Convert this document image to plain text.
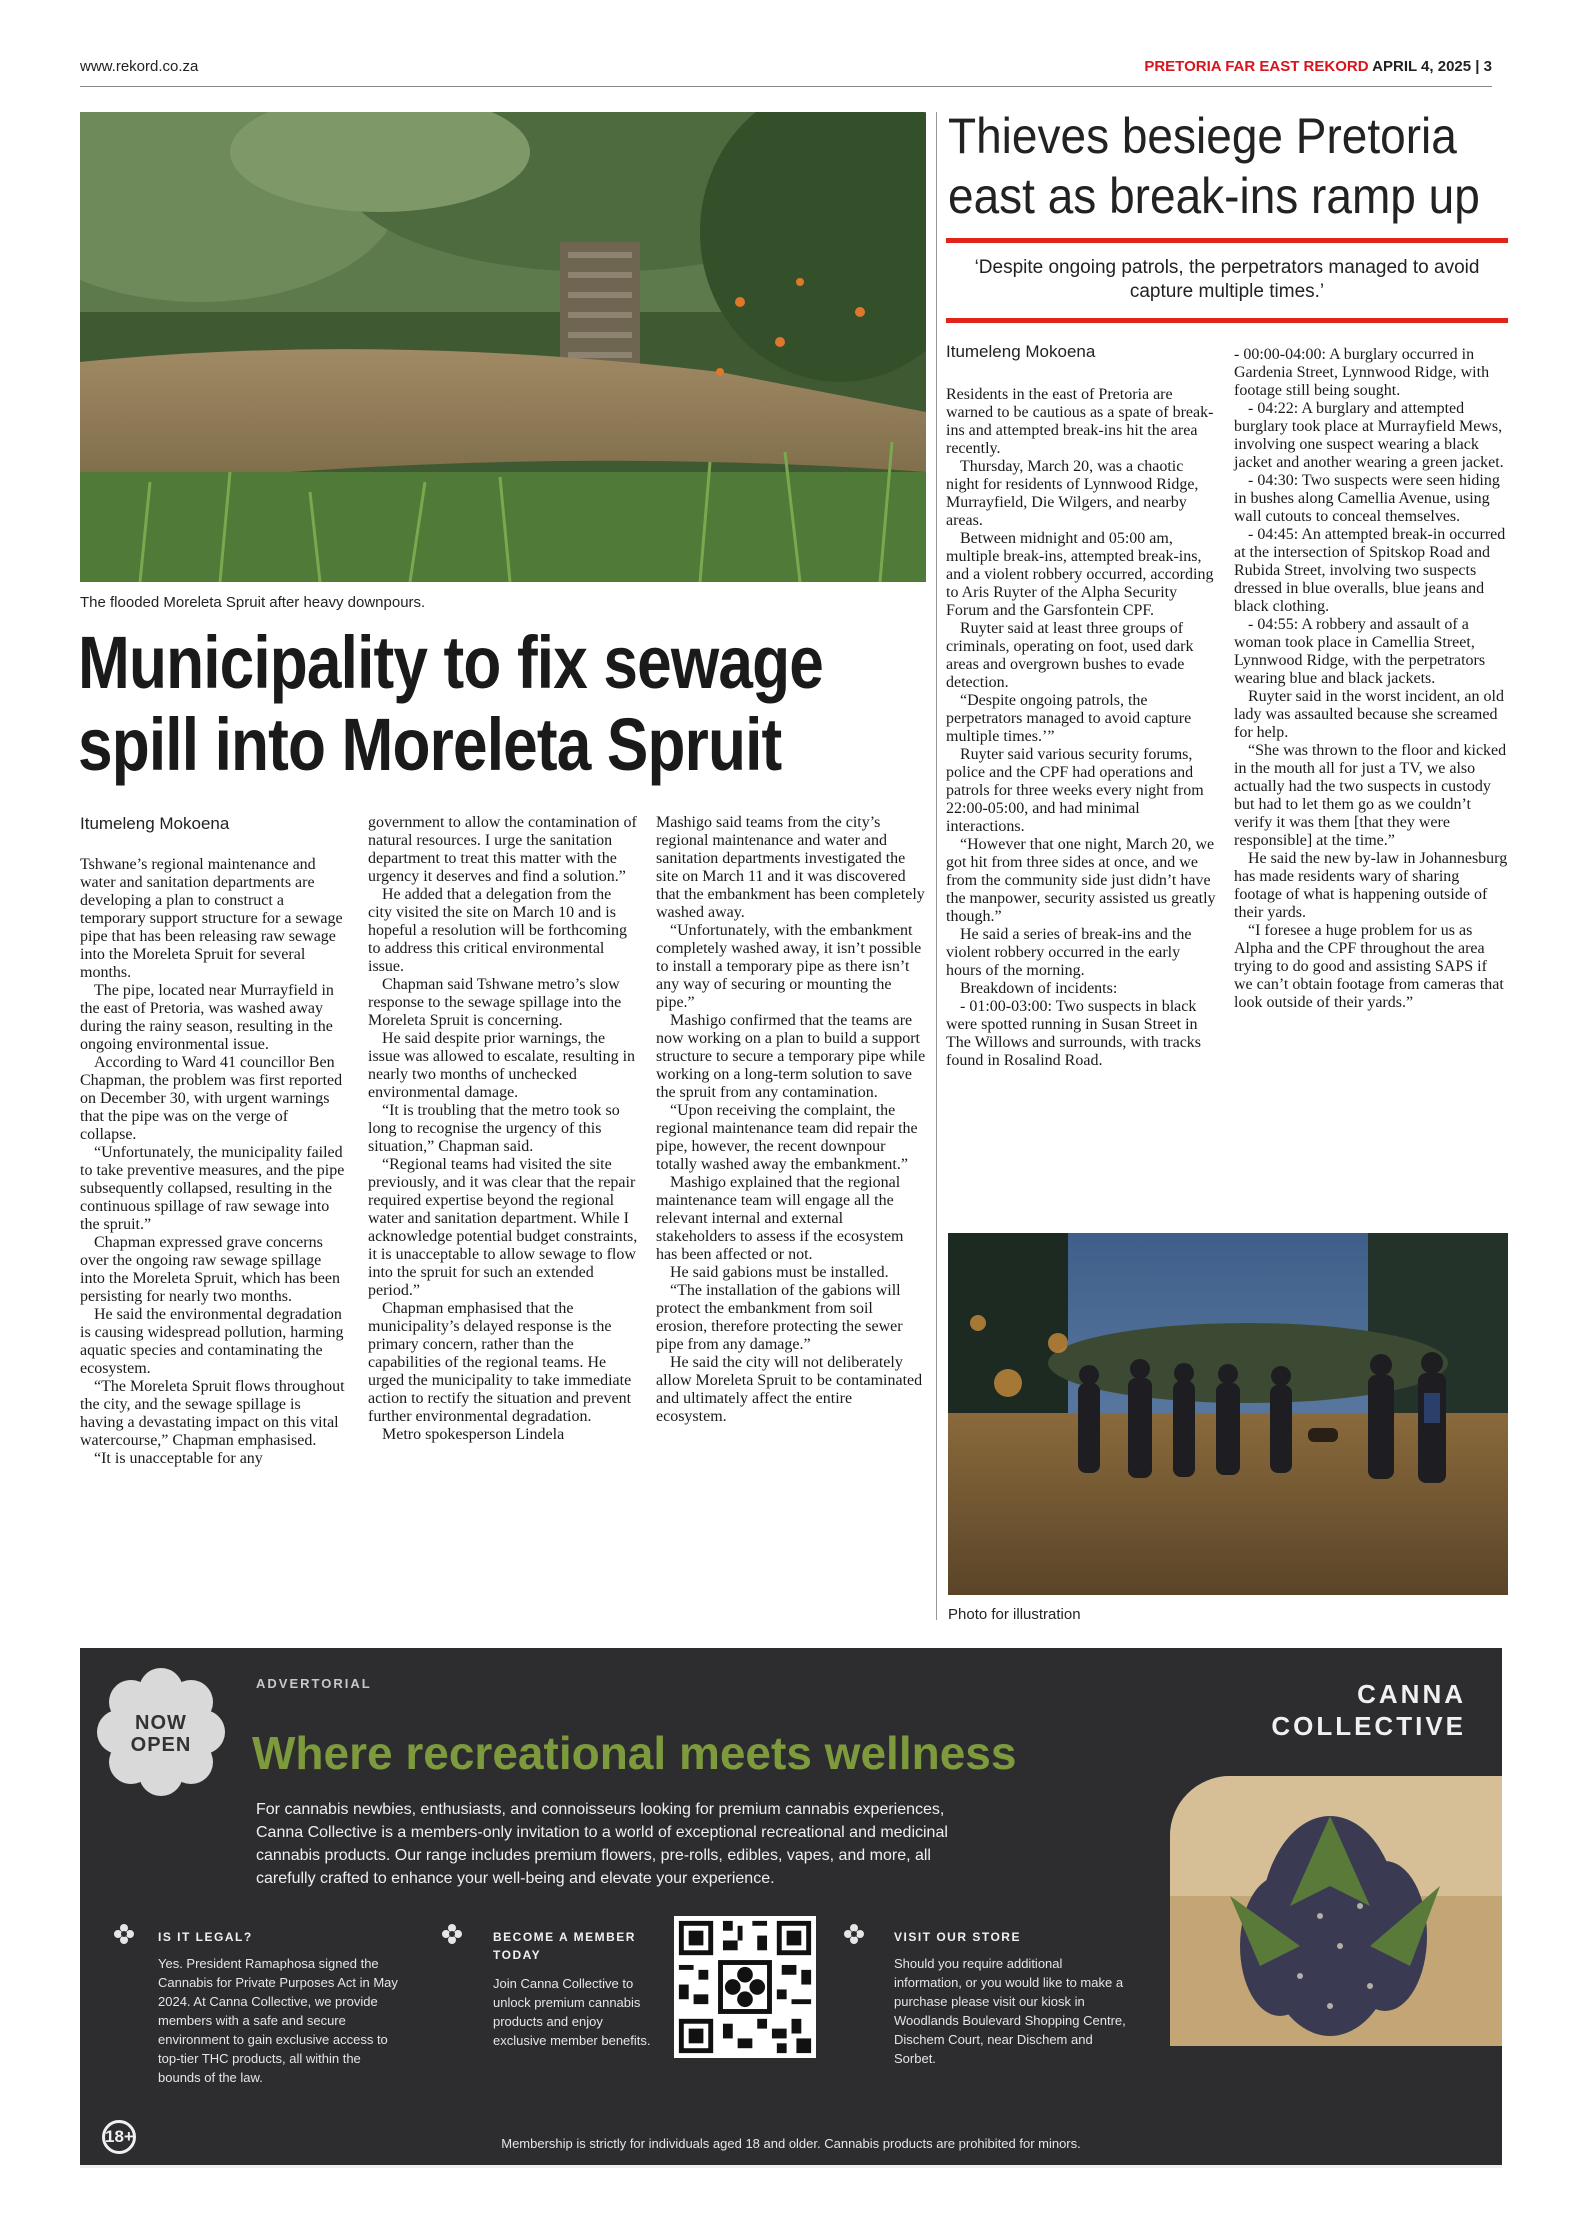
www.rekord.co.za	PRETORIA FAR EAST REKORD APRIL 4, 2025 | 3
The flooded Moreleta Spruit after heavy downpours.
Municipality to fix sewage
spill into Moreleta Spruit
Itumeleng Mokoena

Tshwane’s regional maintenance and water and sanitation departments are developing a plan to construct a temporary support structure for a sewage pipe that has been releasing raw sewage into the Moreleta Spruit for several months.

The pipe, located near Murrayfield in the east of Pretoria, was washed away during the rainy season, resulting in the ongoing environmental issue.

According to Ward 41 councillor Ben Chapman, the problem was first reported on December 30, with urgent warnings that the pipe was on the verge of collapse.

“Unfortunately, the municipality failed to take preventive measures, and the pipe subsequently collapsed, resulting in the continuous spillage of raw sewage into the spruit.”

Chapman expressed grave concerns over the ongoing raw sewage spillage into the Moreleta Spruit, which has been persisting for nearly two months.

He said the environmental degradation is causing widespread pollution, harming aquatic species and contaminating the ecosystem.

“The Moreleta Spruit flows throughout the city, and the sewage spillage is having a devastating impact on this vital watercourse,” Chapman emphasised.

“It is unacceptable for any

government to allow the contamination of natural resources. I urge the sanitation department to treat this matter with the urgency it deserves and find a solution.”

He added that a delegation from the city visited the site on March 10 and is hopeful a resolution will be forthcoming to address this critical environmental issue.

Chapman said Tshwane metro’s slow response to the sewage spillage into the Moreleta Spruit is concerning.

He said despite prior warnings, the issue was allowed to escalate, resulting in nearly two months of unchecked environmental damage.

“It is troubling that the metro took so long to recognise the urgency of this situation,” Chapman said.

“Regional teams had visited the site previously, and it was clear that the repair required expertise beyond the regional water and sanitation department. While I acknowledge potential budget constraints, it is unacceptable to allow sewage to flow into the spruit for such an extended period.”

Chapman emphasised that the municipality’s delayed response is the primary concern, rather than the capabilities of the regional teams. He urged the municipality to take immediate action to rectify the situation and prevent further environmental degradation.

Metro spokesperson Lindela

Mashigo said teams from the city’s regional maintenance and water and sanitation departments investigated the site on March 11 and it was discovered that the embankment has been completely washed away.

“Unfortunately, with the embankment completely washed away, it isn’t possible to install a temporary pipe as there isn’t any way of securing or mounting the pipe.”

Mashigo confirmed that the teams are now working on a plan to build a support structure to secure a temporary pipe while working on a long-term solution to save the spruit from any contamination.

“Upon receiving the complaint, the regional maintenance team did repair the pipe, however, the recent downpour totally washed away the embankment.”

Mashigo explained that the regional maintenance team will engage all the relevant internal and external stakeholders to assess if the ecosystem has been affected or not.

He said gabions must be installed.

“The installation of the gabions will protect the embankment from soil erosion, therefore protecting the sewer pipe from any damage.”

He said the city will not deliberately allow Moreleta Spruit to be contaminated and ultimately affect the entire ecosystem.

Thieves besiege Pretoria
east as break-ins ramp up
‘Despite ongoing patrols, the perpetrators managed to avoid capture multiple times.’
Itumeleng Mokoena

Residents in the east of Pretoria are warned to be cautious as a spate of break-ins and attempted break-ins hit the area recently.

Thursday, March 20, was a chaotic night for residents of Lynnwood Ridge, Murrayfield, Die Wilgers, and nearby areas.

Between midnight and 05:00 am, multiple break-ins, attempted break-ins, and a violent robbery occurred, according to Aris Ruyter of the Alpha Security Forum and the Garsfontein CPF.

Ruyter said at least three groups of criminals, operating on foot, used dark areas and overgrown bushes to evade detection.

“Despite ongoing patrols, the perpetrators managed to avoid capture multiple times.’”

Ruyter said various security forums, police and the CPF had operations and patrols for three weeks every night from 22:00-05:00, and had minimal interactions.

“However that one night, March 20, we got hit from three sides at once, and we from the community side just didn’t have the manpower, security assisted us greatly though.”

He said a series of break-ins and the violent robbery occurred in the early hours of the morning.

Breakdown of incidents:

- 01:00-03:00: Two suspects in black were spotted running in Susan Street in The Willows and surrounds, with tracks found in Rosalind Road.

- 00:00-04:00: A burglary occurred in Gardenia Street, Lynnwood Ridge, with footage still being sought.

- 04:22: A burglary and attempted burglary took place at Murrayfield Mews, involving one suspect wearing a black jacket and another wearing a green jacket.

- 04:30: Two suspects were seen hiding in bushes along Camellia Avenue, using wall cutouts to conceal themselves.

- 04:45: An attempted break-in occurred at the intersection of Spitskop Road and Rubida Street, involving two suspects dressed in blue overalls, blue jeans and black clothing.

- 04:55: A robbery and assault of a woman took place in Camellia Street, Lynnwood Ridge, with the perpetrators wearing blue and black jackets.

Ruyter said in the worst incident, an old lady was assaulted because she screamed for help.

“She was thrown to the floor and kicked in the mouth all for just a TV, we also actually had the two suspects in custody but had to let them go as we couldn’t verify it was them [that they were responsible] at the time.”

He said the new by-law in Johannesburg has made residents wary of sharing footage of what is happening outside of their yards.

“I foresee a huge problem for us as Alpha and the CPF throughout the area trying to do good and assisting SAPS if we can’t obtain footage from cameras that look outside of their yards.”

Photo for illustration
NOW
OPEN
ADVERTORIAL
Where recreational meets wellness
For cannabis newbies, enthusiasts, and connoisseurs looking for premium cannabis experiences, Canna Collective is a members-only invitation to a world of exceptional recreational and medicinal cannabis products. Our range includes premium flowers, pre-rolls, edibles, vapes, and more, all carefully crafted to enhance your well-being and elevate your experience.
CANNA
COLLECTIVE
IS IT LEGAL?
Yes. President Ramaphosa signed the Cannabis for Private Purposes Act in May 2024. At Canna Collective, we provide members with a safe and secure environment to gain exclusive access to top-tier THC products, all within the bounds of the law.
BECOME A MEMBER TODAY
Join Canna Collective to unlock premium cannabis products and enjoy exclusive member benefits.
VISIT OUR STORE
Should you require additional information, or you would like to make a purchase please visit our kiosk in Woodlands Boulevard Shopping Centre, Dischem Court, near Dischem and Sorbet.
18+	Membership is strictly for individuals aged 18 and older. Cannabis products are prohibited for minors.
